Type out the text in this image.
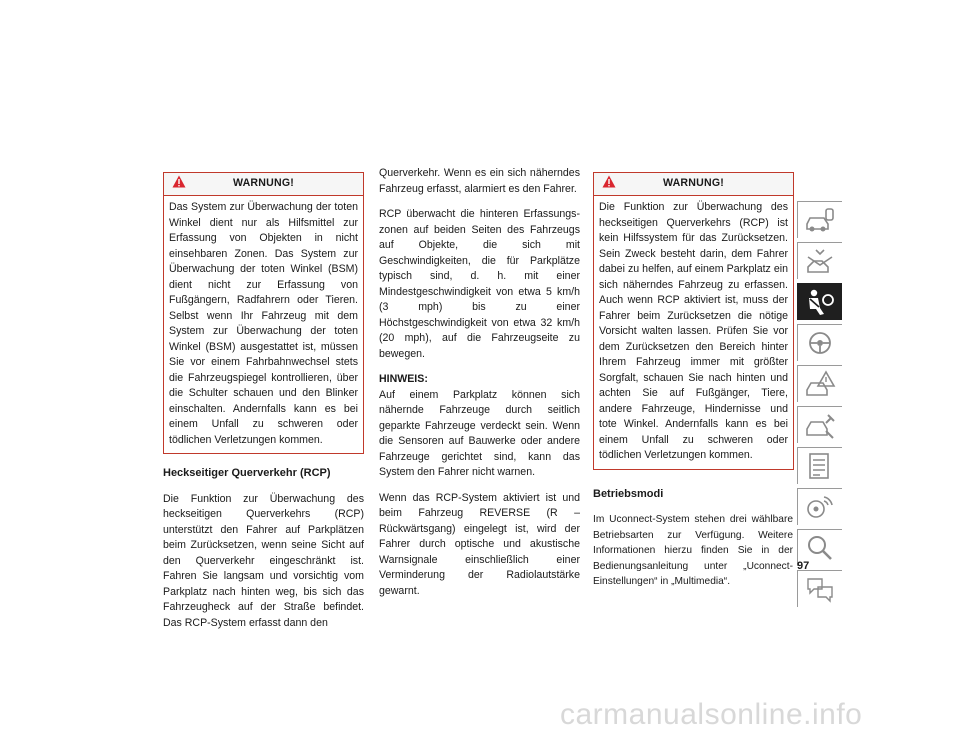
WARNUNG!

Das System zur Überwachung der toten Winkel dient nur als Hilfsmittel zur Erfassung von Objekten in nicht einsehbaren Zonen. Das System zur Überwachung der toten Winkel (BSM) dient nicht zur Erfassung von Fußgängern, Radfahrern oder Tieren. Selbst wenn Ihr Fahrzeug mit dem System zur Überwachung der toten Winkel (BSM) ausgestattet ist, müssen Sie vor einem Fahrbahnwechsel stets die Fahrzeugspiegel kontrollieren, über die Schulter schauen und den Blinker einschalten. Andernfalls kann es bei einem Unfall zu schweren oder tödlichen Verletzungen kommen.

Heckseitiger Querverkehr (RCP)

Die Funktion zur Überwachung des heckseitigen Querverkehrs (RCP) unterstützt den Fahrer auf Parkplätzen beim Zurücksetzen, wenn seine Sicht auf den Querverkehr eingeschränkt ist. Fahren Sie langsam und vorsichtig vom Parkplatz nach hinten weg, bis sich das Fahrzeugheck auf der Straße befindet. Das RCP-System erfasst dann den

Querverkehr. Wenn es ein sich näherndes Fahrzeug erfasst, alarmiert es den Fahrer.

RCP überwacht die hinteren Erfassungszonen auf beiden Seiten des Fahrzeugs auf Objekte, die sich mit Geschwindigkeiten, die für Parkplätze typisch sind, d. h. mit einer Mindestgeschwindigkeit von etwa 5 km/h (3 mph) bis zu einer Höchstgeschwindigkeit von etwa 32 km/h (20 mph), auf die Fahrzeugseite zu bewegen.

HINWEIS:

Auf einem Parkplatz können sich nähernde Fahrzeuge durch seitlich geparkte Fahrzeuge verdeckt sein. Wenn die Sensoren auf Bauwerke oder andere Fahrzeuge gerichtet sind, kann das System den Fahrer nicht warnen.

Wenn das RCP-System aktiviert ist und beim Fahrzeug REVERSE (R – Rückwärtsgang) eingelegt ist, wird der Fahrer durch optische und akustische Warnsignale einschließlich einer Verminderung der Radiolautstärke gewarnt.

WARNUNG!

Die Funktion zur Überwachung des heckseitigen Querverkehrs (RCP) ist kein Hilfssystem für das Zurücksetzen. Sein Zweck besteht darin, dem Fahrer dabei zu helfen, auf einem Parkplatz ein sich näherndes Fahrzeug zu erfassen. Auch wenn RCP aktiviert ist, muss der Fahrer beim Zurücksetzen die nötige Vorsicht walten lassen. Prüfen Sie vor dem Zurücksetzen den Bereich hinter Ihrem Fahrzeug immer mit größter Sorgfalt, schauen Sie nach hinten und achten Sie auf Fußgänger, Tiere, andere Fahrzeuge, Hindernisse und tote Winkel. Andernfalls kann es bei einem Unfall zu schweren oder tödlichen Verletzungen kommen.

Betriebsmodi

Im Uconnect-System stehen drei wählbare Betriebsarten zur Verfügung. Weitere Informationen hierzu finden Sie in der Bedienungsanleitung unter „Uconnect-Einstellungen“ in „Multimedia“.

97
carmanualsonline.info
